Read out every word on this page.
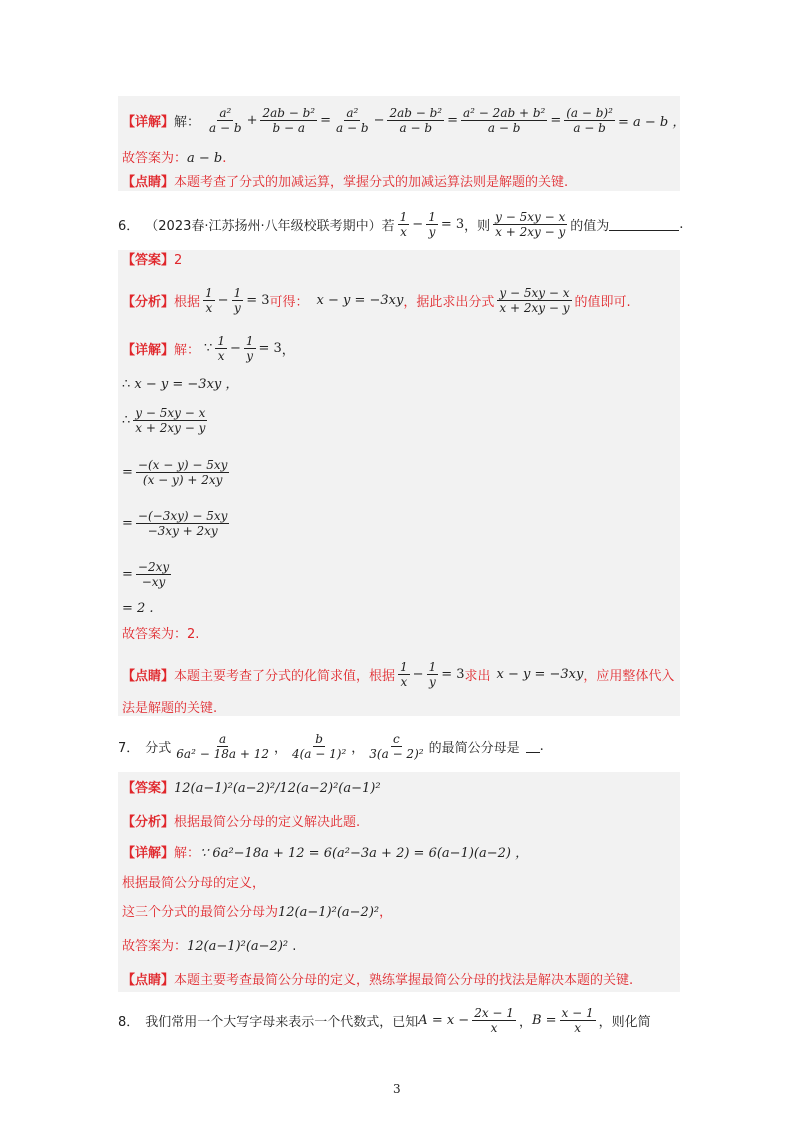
【详解】 解： $\frac{\text{a²}}{a - b} + \frac{\text{2ab − b²}}{b - a} = \frac{\text{a²}}{a - b} - \frac{\text{2ab − b²}}{a - b} = \frac{\text{a² − 2ab + b²}}{a - b} = \frac{\text{(a − b)²}}{a - b} = a - b$ ，
故答案为：a − b.
【点睛】本题考查了分式的加减运算，掌握分式的加减运算法则是解题的关键.
6． （2023春·江苏扬州·八年级校联考期中）若 $\frac{1}{x} - \frac{1}{y} = 3$ ，则 $\frac{y - 5xy - x}{x + 2xy - y}$ 的值为	.
【答案】2
【分析】 根据 $\frac{1}{x} - \frac{1}{y} = 3$ 可得： x − y = −3xy ，据此求出分式 $\frac{y - 5xy - x}{x + 2xy - y}$ 的值即可.
【详解】 解： ∵ $\frac{1}{x} - \frac{1}{y} = 3$ ，
∴ x − y = −3xy ，
∴ $\frac{y - 5xy - x}{x + 2xy - y}$
= $\frac{-(x - y) - 5xy}{(x - y) + 2xy}$
= $\frac{-(-3xy) - 5xy}{-3xy + 2xy}$
= $\frac{-2xy}{-xy}$
= 2 .
故答案为：2.
【点睛】 本题主要考查了分式的化简求值，根据 $\frac{1}{x} - \frac{1}{y} = 3$ 求出 x − y = −3xy ，应用整体代入
法是解题的关键.
7． 分式 $\frac{a}{\text{6a² − 18a + 12}}$ ， $\frac{b}{\text{4(a − 1)²}}$ ， $\frac{c}{\text{3(a − 2)²}}$ 的最简公分母是 .
【答案】12(a−1)²(a−2)²/12(a−2)²(a−1)²
【分析】根据最简公分母的定义解决此题.
【详解】解：∵ 6a²−18a + 12 = 6(a²−3a + 2) = 6(a−1)(a−2) ，
根据最简公分母的定义，
这三个分式的最简公分母为12(a−1)²(a−2)²，
故答案为：12(a−1)²(a−2)² .
【点睛】本题主要考查最简公分母的定义，熟练掌握最简公分母的找法是解决本题的关键.
8． 我们常用一个大写字母来表示一个代数式，已知 $A = x - \frac{2x - 1}{x}$ ， $B = \frac{x - 1}{x}$ ，则化简
3
